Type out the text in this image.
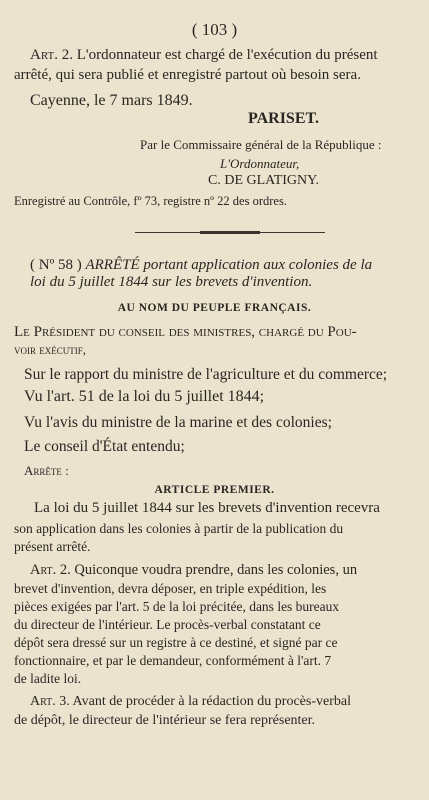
( 103 )
Art. 2. L'ordonnateur est chargé de l'exécution du présent
arrêté, qui sera publié et enregistré partout où besoin sera.
Cayenne, le 7 mars 1849.
PARISET.
Par le Commissaire général de la République :
L'Ordonnateur,
C. DE GLATIGNY.
Enregistré au Contrôle, fº 73, registre nº 22 des ordres.
( Nº 58 ) ARRÊTÉ portant application aux colonies de la
loi du 5 juillet 1844 sur les brevets d'invention.
AU NOM DU PEUPLE FRANÇAIS.
Le Président du conseil des ministres, chargé du Pou-
voir exécutif,
Sur le rapport du ministre de l'agriculture et du commerce;
Vu l'art. 51 de la loi du 5 juillet 1844;
Vu l'avis du ministre de la marine et des colonies;
Le conseil d'État entendu;
Arrête :
ARTICLE PREMIER.
La loi du 5 juillet 1844 sur les brevets d'invention recevra
son application dans les colonies à partir de la publication du
présent arrêté.
Art. 2. Quiconque voudra prendre, dans les colonies, un
brevet d'invention, devra déposer, en triple expédition, les
pièces exigées par l'art. 5 de la loi précitée, dans les bureaux
du directeur de l'intérieur. Le procès-verbal constatant ce
dépôt sera dressé sur un registre à ce destiné, et signé par ce
fonctionnaire, et par le demandeur, conformément à l'art. 7
de ladite loi.
Art. 3. Avant de procéder à la rédaction du procès-verbal
de dépôt, le directeur de l'intérieur se fera représenter.
